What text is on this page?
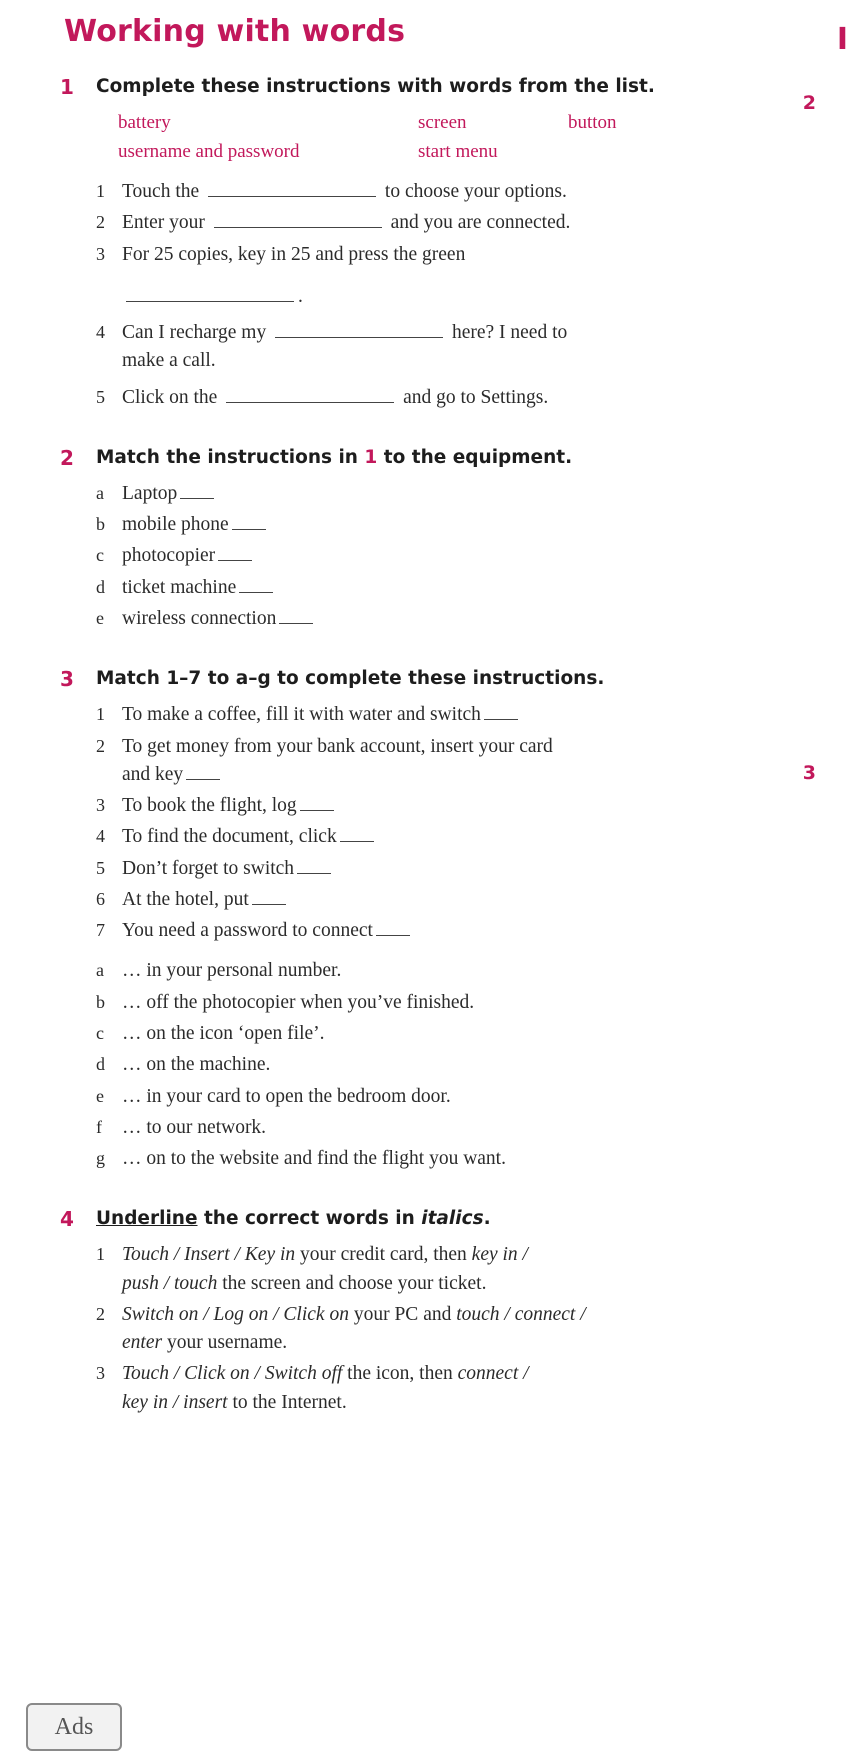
I
2
3
Working with words
1	Complete these instructions with words from the list.
battery	screen	button
username and password	start menu
1 Touch the	to choose your options.
2 Enter your	and you are connected.
3 For 25 copies, key in 25 and press the green
.
4 Can I recharge my	here? I need to
make a call.
5 Click on the	and go to Settings.
2	Match the instructions in 1 to the equipment.
a Laptop
b mobile phone
c photocopier
d ticket machine
e wireless connection
3	Match 1–7 to a–g to complete these instructions.
1 To make a coffee, fill it with water and switch
2 To get money from your bank account, insert your card
and key
3 To book the flight, log
4 To find the document, click
5 Don’t forget to switch
6 At the hotel, put
7 You need a password to connect
a … in your personal number.
b … off the photocopier when you’ve finished.
c … on the icon ‘open file’.
d … on the machine.
e … in your card to open the bedroom door.
f	… to our network.
g … on to the website and find the flight you want.
4	Underline the correct words in italics.
1 Touch / Insert / Key in your credit card, then key in /
push / touch the screen and choose your ticket.
2 Switch on / Log on / Click on your PC and touch / connect /
enter your username.
3 Touch / Click on / Switch off the icon, then connect /
key in / insert to the Internet.
Ads
